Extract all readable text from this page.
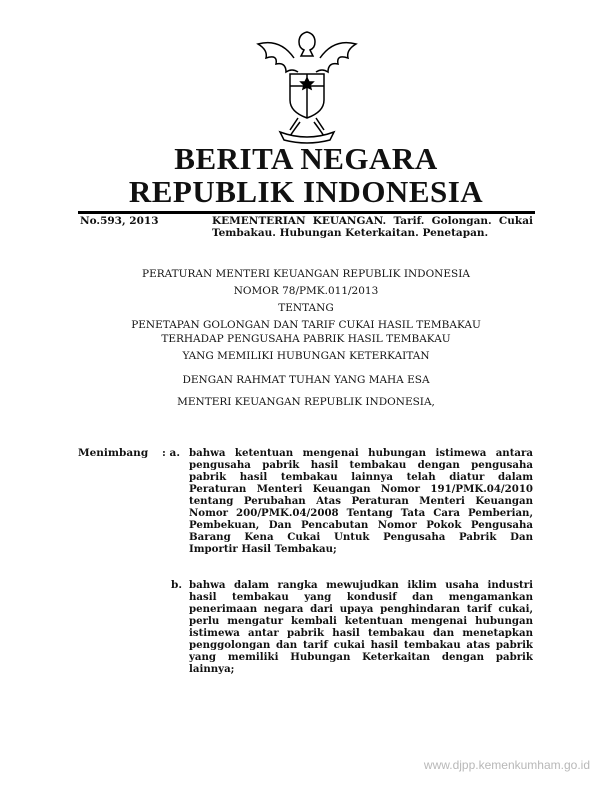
BERITA NEGARA
REPUBLIK INDONESIA
No.593, 2013	KEMENTERIAN KEUANGAN. Tarif. Golongan. Cukai
Tembakau. Hubungan Keterkaitan. Penetapan.
PERATURAN MENTERI KEUANGAN REPUBLIK INDONESIA
NOMOR 78/PMK.011/2013
TENTANG
PENETAPAN GOLONGAN DAN TARIF CUKAI HASIL TEMBAKAU
TERHADAP PENGUSAHA PABRIK HASIL TEMBAKAU
YANG MEMILIKI HUBUNGAN KETERKAITAN
DENGAN RAHMAT TUHAN YANG MAHA ESA
MENTERI KEUANGAN REPUBLIK INDONESIA,
Menimbang : a. bahwa ketentuan mengenai hubungan istimewa antara
pengusaha pabrik hasil tembakau dengan pengusaha
pabrik hasil tembakau lainnya telah diatur dalam
Peraturan Menteri Keuangan Nomor 191/PMK.04/2010
tentang Perubahan Atas Peraturan Menteri Keuangan
Nomor 200/PMK.04/2008 Tentang Tata Cara Pemberian,
Pembekuan, Dan Pencabutan Nomor Pokok Pengusaha
Barang Kena Cukai Untuk Pengusaha Pabrik Dan
Importir Hasil Tembakau;
b. bahwa dalam rangka mewujudkan iklim usaha industri
hasil tembakau yang kondusif dan mengamankan
penerimaan negara dari upaya penghindaran tarif cukai,
perlu mengatur kembali ketentuan mengenai hubungan
istimewa antar pabrik hasil tembakau dan menetapkan
penggolongan dan tarif cukai hasil tembakau atas pabrik
yang memiliki Hubungan Keterkaitan dengan pabrik
lainnya;
www.djpp.kemenkumham.go.id
